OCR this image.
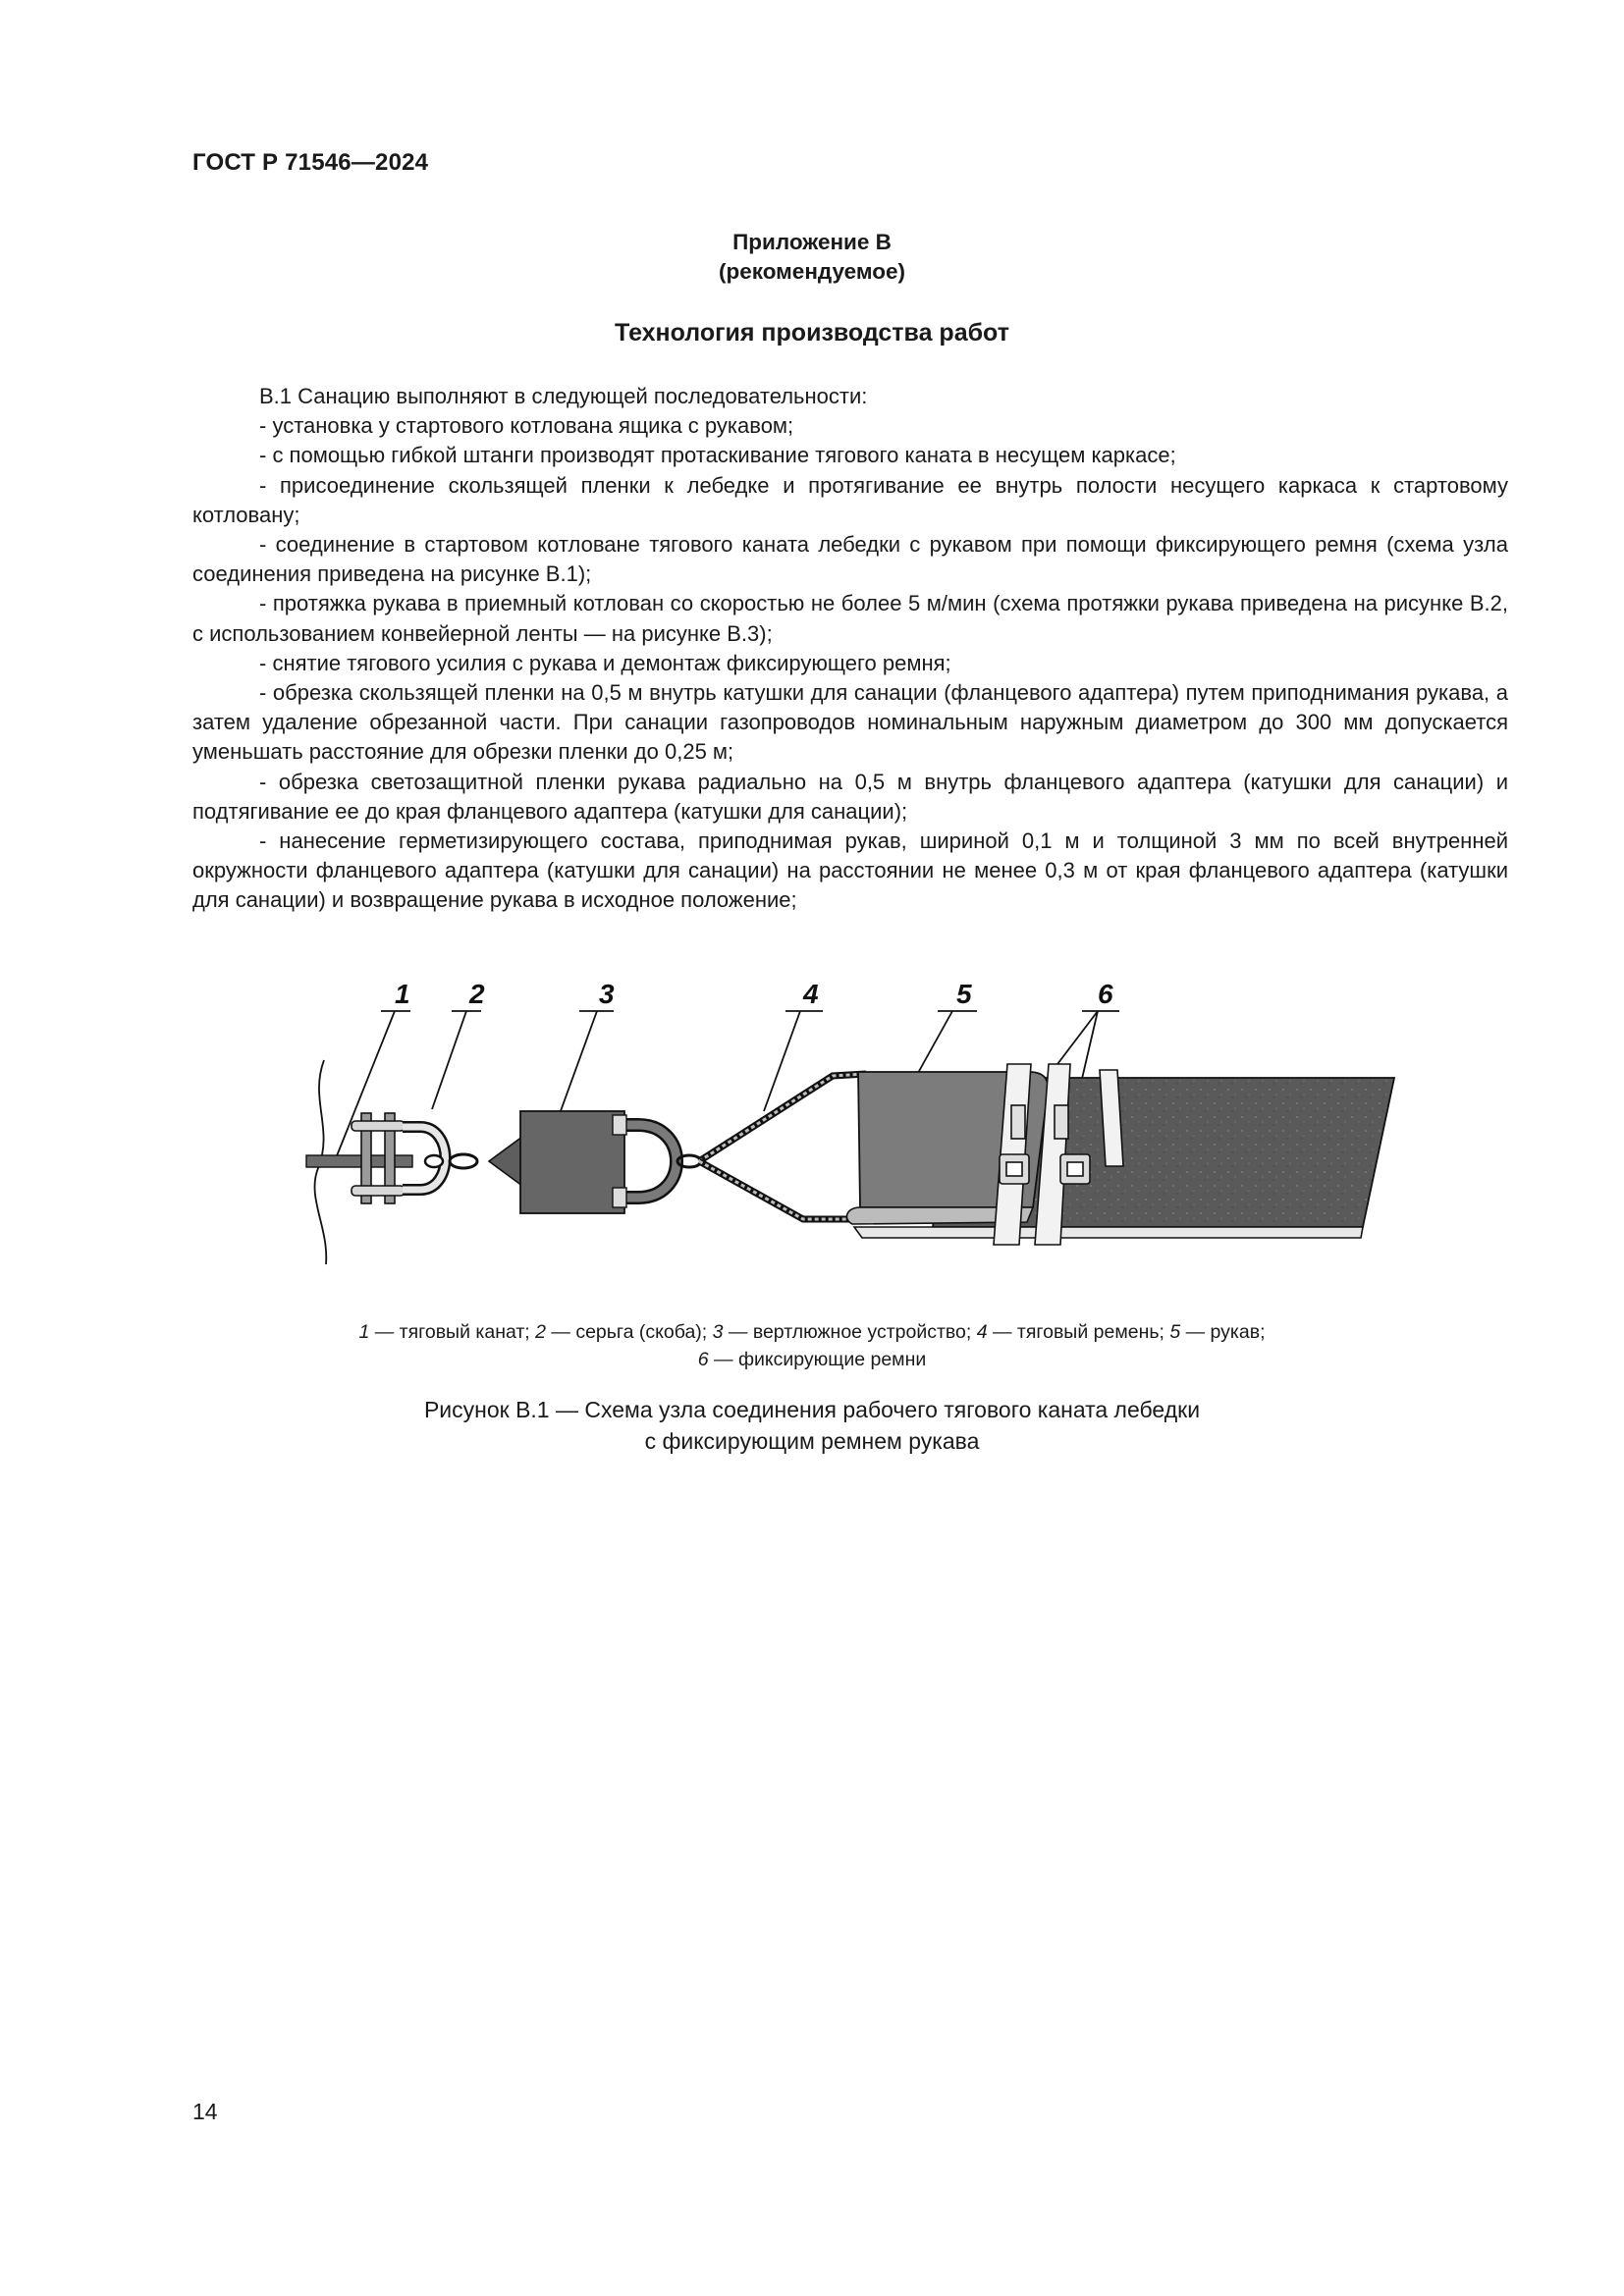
ГОСТ Р 71546—2024
Приложение В
(рекомендуемое)
Технология производства работ

В.1 Санацию выполняют в следующей последовательности:

- установка у стартового котлована ящика с рукавом;

- с помощью гибкой штанги производят протаскивание тягового каната в несущем каркасе;

- присоединение скользящей пленки к лебедке и протягивание ее внутрь полости несущего каркаса к стартовому котловану;

- соединение в стартовом котловане тягового каната лебедки с рукавом при помощи фиксирующего ремня (схема узла соединения приведена на рисунке В.1);

- протяжка рукава в приемный котлован со скоростью не более 5 м/мин (схема протяжки рукава приведена на рисунке В.2, с использованием конвейерной ленты — на рисунке В.3);

- снятие тягового усилия с рукава и демонтаж фиксирующего ремня;

- обрезка скользящей пленки на 0,5 м внутрь катушки для санации (фланцевого адаптера) путем приподнимания рукава, а затем удаление обрезанной части. При санации газопроводов номинальным наружным диаметром до 300 мм допускается уменьшать расстояние для обрезки пленки до 0,25 м;

- обрезка светозащитной пленки рукава радиально на 0,5 м внутрь фланцевого адаптера (катушки для санации) и подтягивание ее до края фланцевого адаптера (катушки для санации);

- нанесение герметизирующего состава, приподнимая рукав, шириной 0,1 м и толщиной 3 мм по всей внутренней окружности фланцевого адаптера (катушки для санации) на расстоянии не менее 0,3 м от края фланцевого адаптера (катушки для санации) и возвращение рукава в исходное положение;

1 2	3	4	5	6
1 — тяговый канат; 2 — серьга (скоба); 3 — вертлюжное устройство; 4 — тяговый ремень; 5 — рукав;
6 — фиксирующие ремни
Рисунок В.1 — Схема узла соединения рабочего тягового каната лебедки
с фиксирующим ремнем рукава
14
